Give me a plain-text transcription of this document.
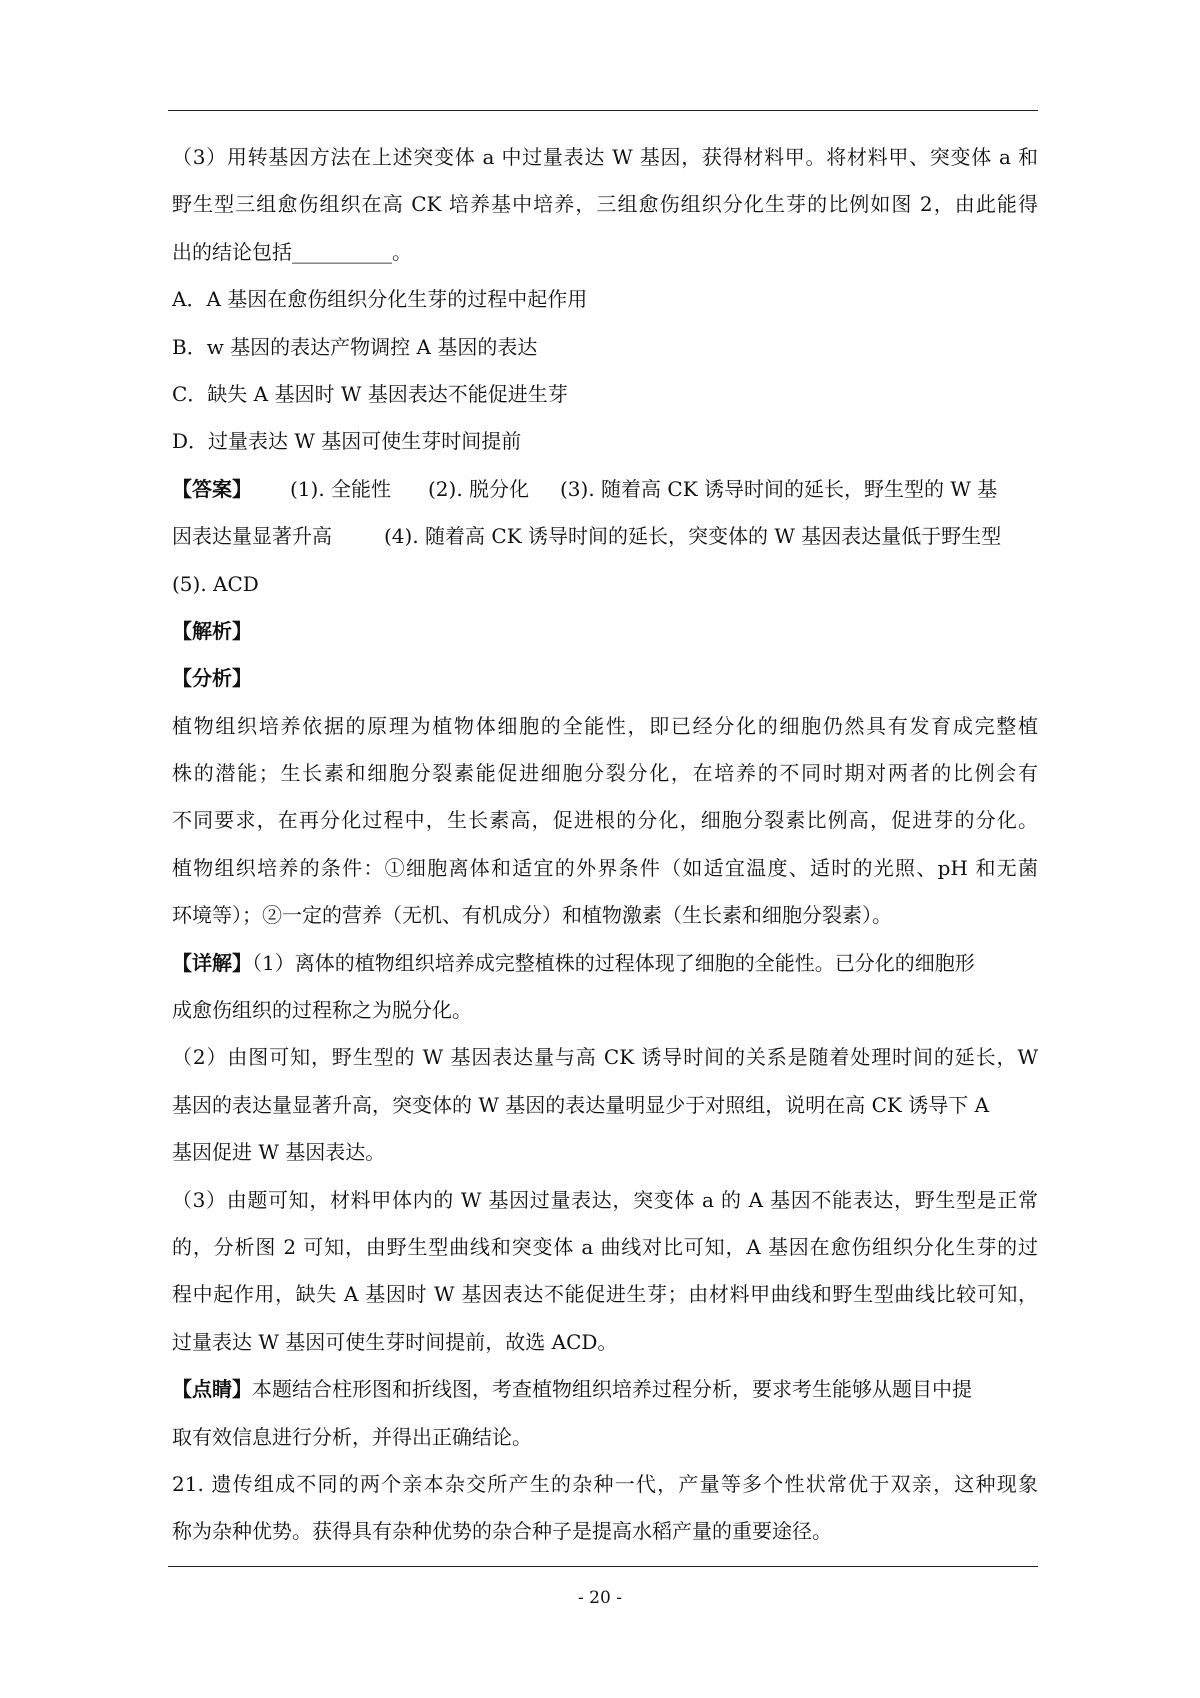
（3）用转基因方法在上述突变体 a 中过量表达 W 基因，获得材料甲。将材料甲、突变体 a 和
野生型三组愈伤组织在高 CK 培养基中培养，三组愈伤组织分化生芽的比例如图 2，由此能得
出的结论包括__________。
A．A 基因在愈伤组织分化生芽的过程中起作用
B．w 基因的表达产物调控 A 基因的表达
C．缺失 A 基因时 W 基因表达不能促进生芽
D．过量表达 W 基因可使生芽时间提前
【答案】 (1). 全能性 (2). 脱分化 (3). 随着高 CK 诱导时间的延长，野生型的 W 基
因表达量显著升高	(4). 随着高 CK 诱导时间的延长，突变体的 W 基因表达量低于野生型
(5). ACD
【解析】
【分析】
植物组织培养依据的原理为植物体细胞的全能性，即已经分化的细胞仍然具有发育成完整植
株的潜能；生长素和细胞分裂素能促进细胞分裂分化，在培养的不同时期对两者的比例会有
不同要求，在再分化过程中，生长素高，促进根的分化，细胞分裂素比例高，促进芽的分化。
植物组织培养的条件：①细胞离体和适宜的外界条件（如适宜温度、适时的光照、pH 和无菌
环境等）；②一定的营养（无机、有机成分）和植物激素（生长素和细胞分裂素）。
【详解】（1）离体的植物组织培养成完整植株的过程体现了细胞的全能性。已分化的细胞形
成愈伤组织的过程称之为脱分化。
（2）由图可知，野生型的 W 基因表达量与高 CK 诱导时间的关系是随着处理时间的延长，W
基因的表达量显著升高，突变体的 W 基因的表达量明显少于对照组，说明在高 CK 诱导下 A
基因促进 W 基因表达。
（3）由题可知，材料甲体内的 W 基因过量表达，突变体 a 的 A 基因不能表达，野生型是正常
的，分析图 2 可知，由野生型曲线和突变体 a 曲线对比可知，A 基因在愈伤组织分化生芽的过
程中起作用，缺失 A 基因时 W 基因表达不能促进生芽；由材料甲曲线和野生型曲线比较可知，
过量表达 W 基因可使生芽时间提前，故选 ACD。
【点睛】本题结合柱形图和折线图，考查植物组织培养过程分析，要求考生能够从题目中提
取有效信息进行分析，并得出正确结论。
21. 遗传组成不同的两个亲本杂交所产生的杂种一代，产量等多个性状常优于双亲，这种现象
称为杂种优势。获得具有杂种优势的杂合种子是提高水稻产量的重要途径。
- 20 -
